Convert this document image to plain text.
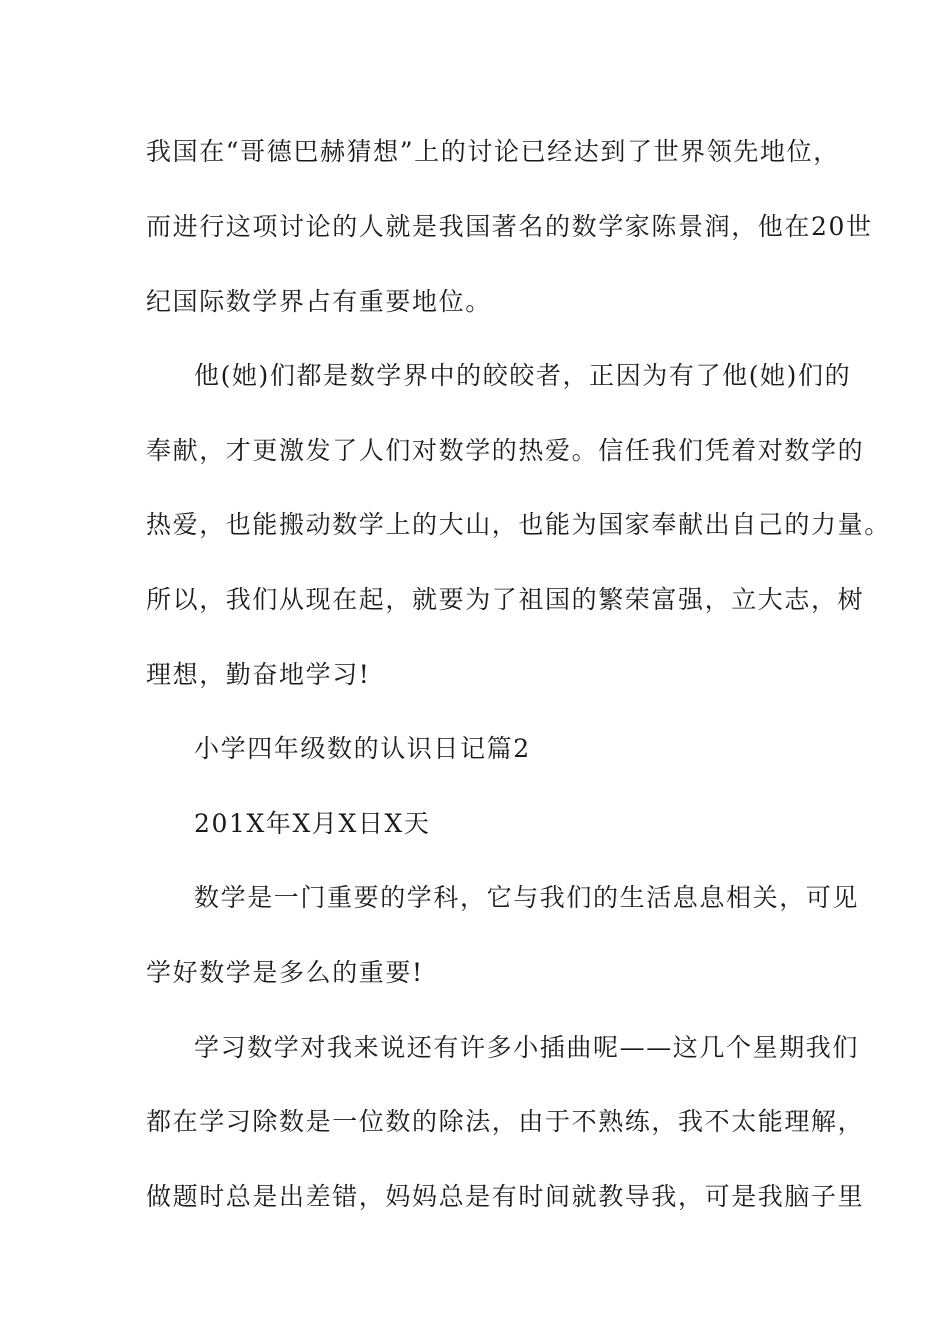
我国在“哥德巴赫猜想”上的讨论已经达到了世界领先地位，
而进行这项讨论的人就是我国著名的数学家陈景润，他在20世
纪国际数学界占有重要地位。
他(她)们都是数学界中的皎皎者，正因为有了他(她)们的
奉献，才更激发了人们对数学的热爱。信任我们凭着对数学的
热爱，也能搬动数学上的大山，也能为国家奉献出自己的力量。
所以，我们从现在起，就要为了祖国的繁荣富强，立大志，树
理想，勤奋地学习!
小学四年级数的认识日记篇2
201X年X月X日X天
数学是一门重要的学科，它与我们的生活息息相关，可见
学好数学是多么的重要!
学习数学对我来说还有许多小插曲呢——这几个星期我们
都在学习除数是一位数的除法，由于不熟练，我不太能理解，
做题时总是出差错，妈妈总是有时间就教导我，可是我脑子里
